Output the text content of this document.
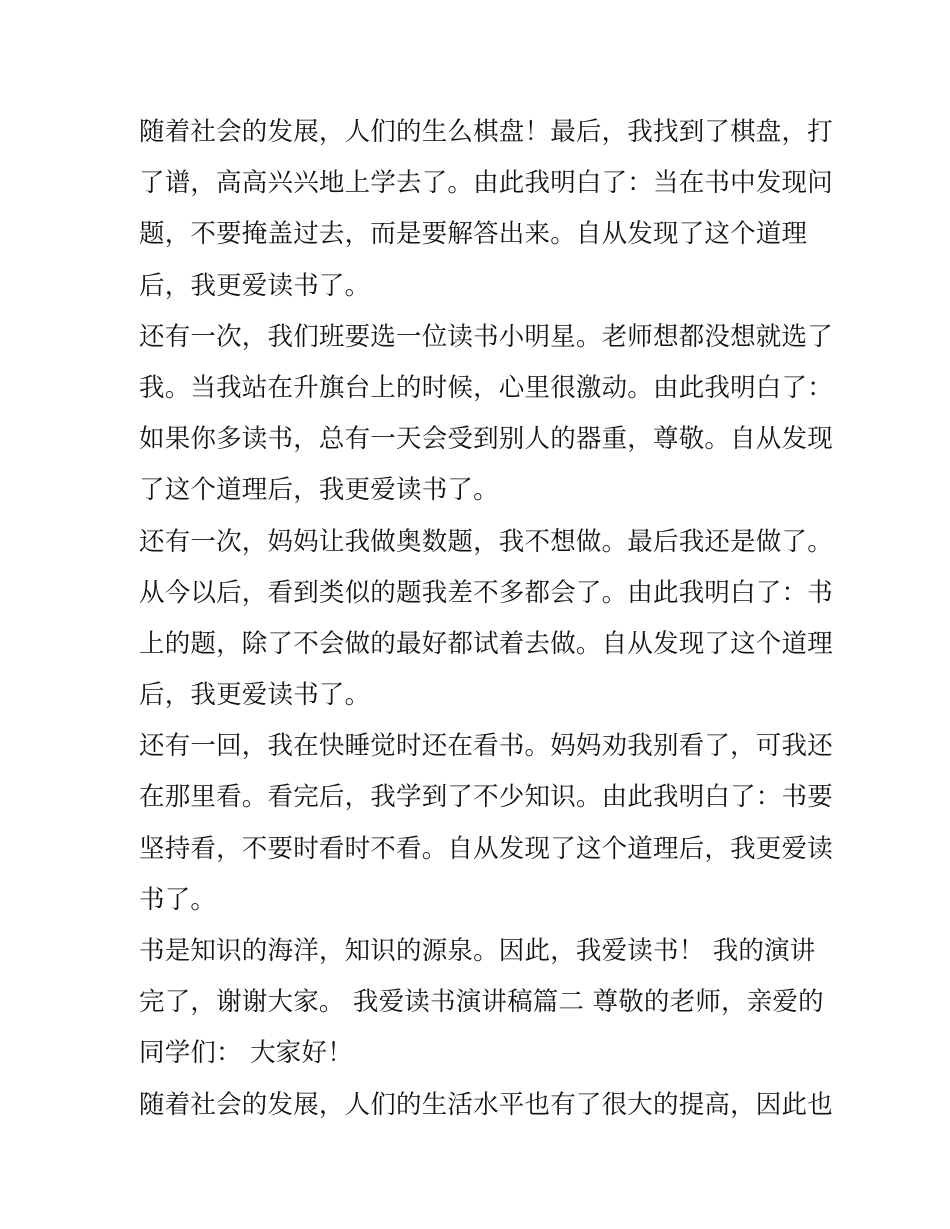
随着社会的发展，人们的生么棋盘！最后，我找到了棋盘，打
了谱，高高兴兴地上学去了。由此我明白了：当在书中发现问
题，不要掩盖过去，而是要解答出来。自从发现了这个道理
后，我更爱读书了。
还有一次，我们班要选一位读书小明星。老师想都没想就选了
我。当我站在升旗台上的时候，心里很激动。由此我明白了：
如果你多读书，总有一天会受到别人的器重，尊敬。自从发现
了这个道理后，我更爱读书了。
还有一次，妈妈让我做奥数题，我不想做。最后我还是做了。
从今以后，看到类似的题我差不多都会了。由此我明白了：书
上的题，除了不会做的最好都试着去做。自从发现了这个道理
后，我更爱读书了。
还有一回，我在快睡觉时还在看书。妈妈劝我别看了，可我还
在那里看。看完后，我学到了不少知识。由此我明白了：书要
坚持看，不要时看时不看。自从发现了这个道理后，我更爱读
书了。
书是知识的海洋，知识的源泉。因此，我爱读书！ 我的演讲
完了，谢谢大家。 我爱读书演讲稿篇二 尊敬的老师，亲爱的
同学们： 大家好！
随着社会的发展，人们的生活水平也有了很大的提高，因此也
